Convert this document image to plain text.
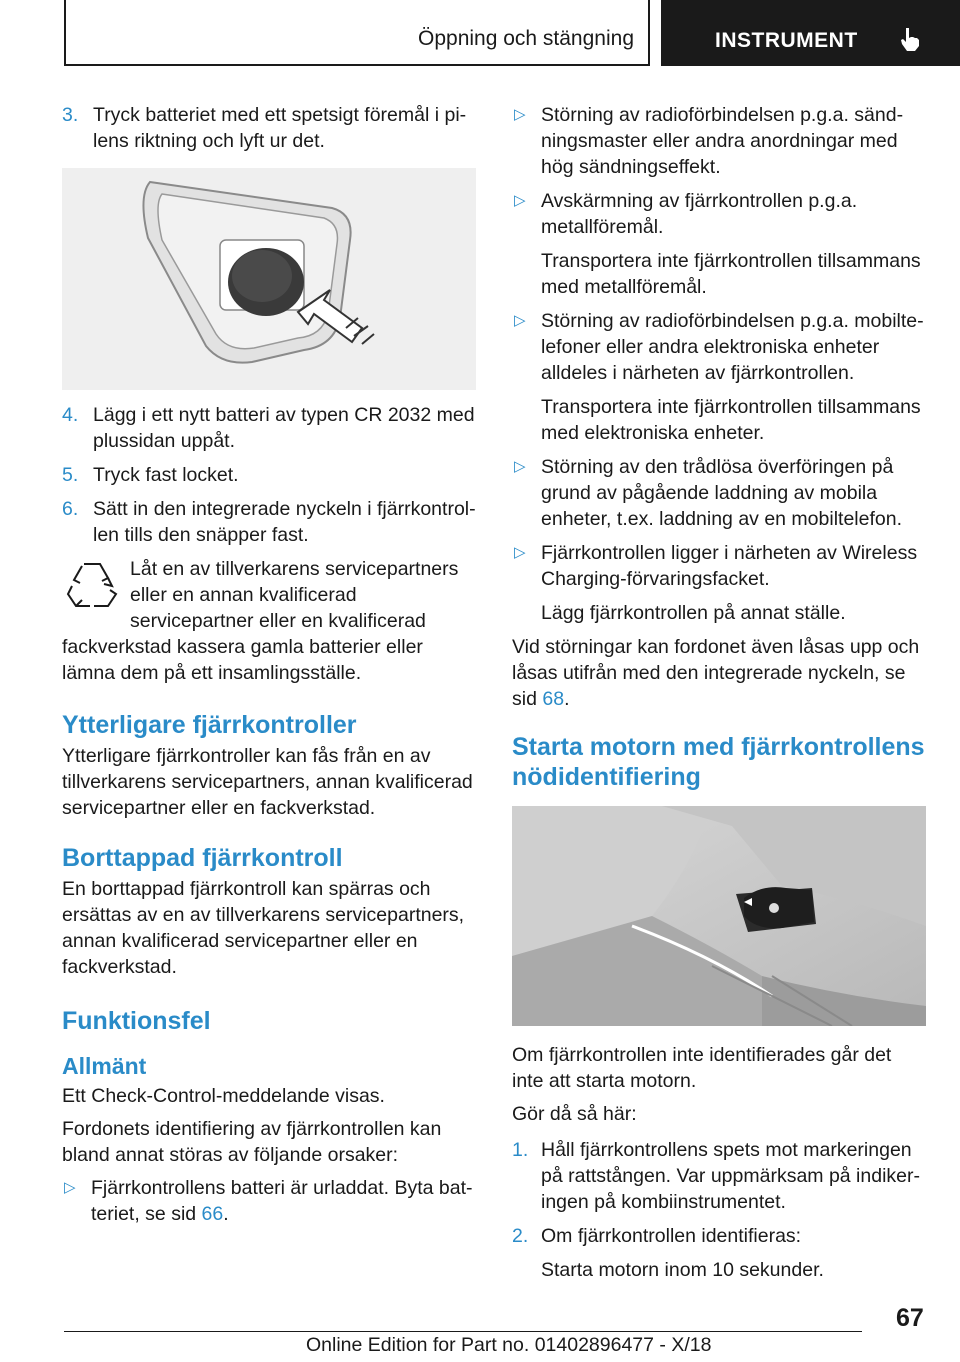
Öppning och stängning	INSTRUMENT
3. Tryck batteriet med ett spetsigt föremål i pilens riktning och lyft ur det.
4. Lägg i ett nytt batteri av typen CR 2032 med plussidan uppåt.
5. Tryck fast locket.
6. Sätt in den integrerade nyckeln i fjärrkontrollen tills den snäpper fast.
Låt en av tillverkarens servicepartners eller en annan kvalificerad servicepartner eller en kvalificerad fackverkstad kassera gamla batterier eller lämna dem på ett insamlingsställe.
Ytterligare fjärrkontroller

Ytterligare fjärrkontroller kan fås från en av tillverkarens servicepartners, annan kvalificerad servicepartner eller en fackverkstad.

Borttappad fjärrkontroll

En borttappad fjärrkontroll kan spärras och ersättas av en av tillverkarens servicepartners, annan kvalificerad servicepartner eller en fackverkstad.

Funktionsfel
Allmänt

Ett Check-Control-meddelande visas.

Fordonets identifiering av fjärrkontrollen kan bland annat störas av följande orsaker:

▷ Fjärrkontrollens batteri är urladdat. Byta batteriet, se sid 66.
▷ Störning av radioförbindelsen p.g.a. sändningsmaster eller andra anordningar med hög sändningseffekt.
▷ Avskärmning av fjärrkontrollen p.g.a. metallföremål.
Transportera inte fjärrkontrollen tillsammans med metallföremål.
▷ Störning av radioförbindelsen p.g.a. mobiltelefoner eller andra elektroniska enheter alldeles i närheten av fjärrkontrollen.
Transportera inte fjärrkontrollen tillsammans med elektroniska enheter.
▷ Störning av den trådlösa överföringen på grund av pågående laddning av mobila enheter, t.ex. laddning av en mobiltelefon.
▷ Fjärrkontrollen ligger i närheten av Wireless Charging-förvaringsfacket.
Lägg fjärrkontrollen på annat ställe.

Vid störningar kan fordonet även låsas upp och låsas utifrån med den integrerade nyckeln, se sid 68.

Starta motorn med fjärrkontrollens nödidentifiering

Om fjärrkontrollen inte identifierades går det inte att starta motorn.

Gör då så här:

1. Håll fjärrkontrollens spets mot markeringen på rattstången. Var uppmärksam på indikeringen på kombiinstrumentet.
2. Om fjärrkontrollen identifieras:
Starta motorn inom 10 sekunder.
67
Online Edition for Part no. 01402896477 - X/18
